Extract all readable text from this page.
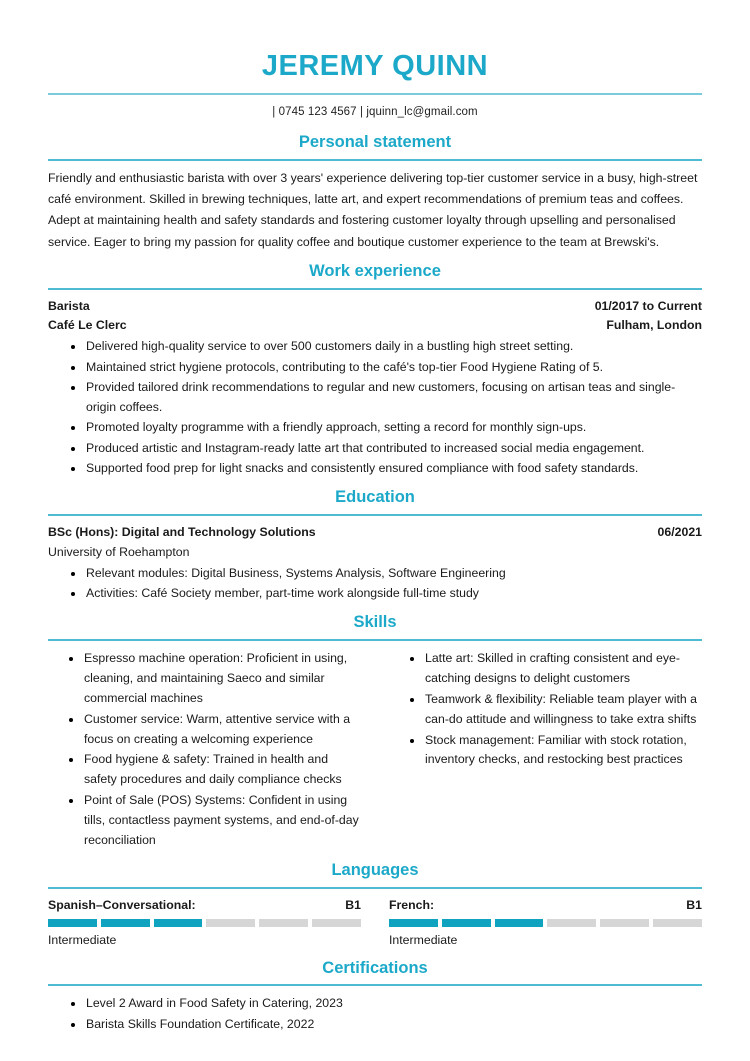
JEREMY QUINN
| 0745 123 4567 | jquinn_lc@gmail.com
Personal statement

Friendly and enthusiastic barista with over 3 years' experience delivering top-tier customer service in a busy, high-street café environment. Skilled in brewing techniques, latte art, and expert recommendations of premium teas and coffees. Adept at maintaining health and safety standards and fostering customer loyalty through upselling and personalised service. Eager to bring my passion for quality coffee and boutique customer experience to the team at Brewski's.

Work experience
Barista	01/2017 to Current
Café Le Clerc	Fulham, London
Delivered high-quality service to over 500 customers daily in a bustling high street setting.
Maintained strict hygiene protocols, contributing to the café's top-tier Food Hygiene Rating of 5.
Provided tailored drink recommendations to regular and new customers, focusing on artisan teas and single-origin coffees.
Promoted loyalty programme with a friendly approach, setting a record for monthly sign-ups.
Produced artistic and Instagram-ready latte art that contributed to increased social media engagement.
Supported food prep for light snacks and consistently ensured compliance with food safety standards.
Education
BSc (Hons): Digital and Technology Solutions	06/2021
University of Roehampton
Relevant modules: Digital Business, Systems Analysis, Software Engineering
Activities: Café Society member, part-time work alongside full-time study
Skills
Espresso machine operation: Proficient in using, cleaning, and maintaining Saeco and similar commercial machines
Customer service: Warm, attentive service with a focus on creating a welcoming experience
Food hygiene & safety: Trained in health and safety procedures and daily compliance checks
Point of Sale (POS) Systems: Confident in using tills, contactless payment systems, and end-of-day reconciliation
Latte art: Skilled in crafting consistent and eye-catching designs to delight customers
Teamwork & flexibility: Reliable team player with a can-do attitude and willingness to take extra shifts
Stock management: Familiar with stock rotation, inventory checks, and restocking best practices
Languages
Spanish–Conversational:	B1
Intermediate
French:	B1
Intermediate
Certifications
Level 2 Award in Food Safety in Catering, 2023
Barista Skills Foundation Certificate, 2022
